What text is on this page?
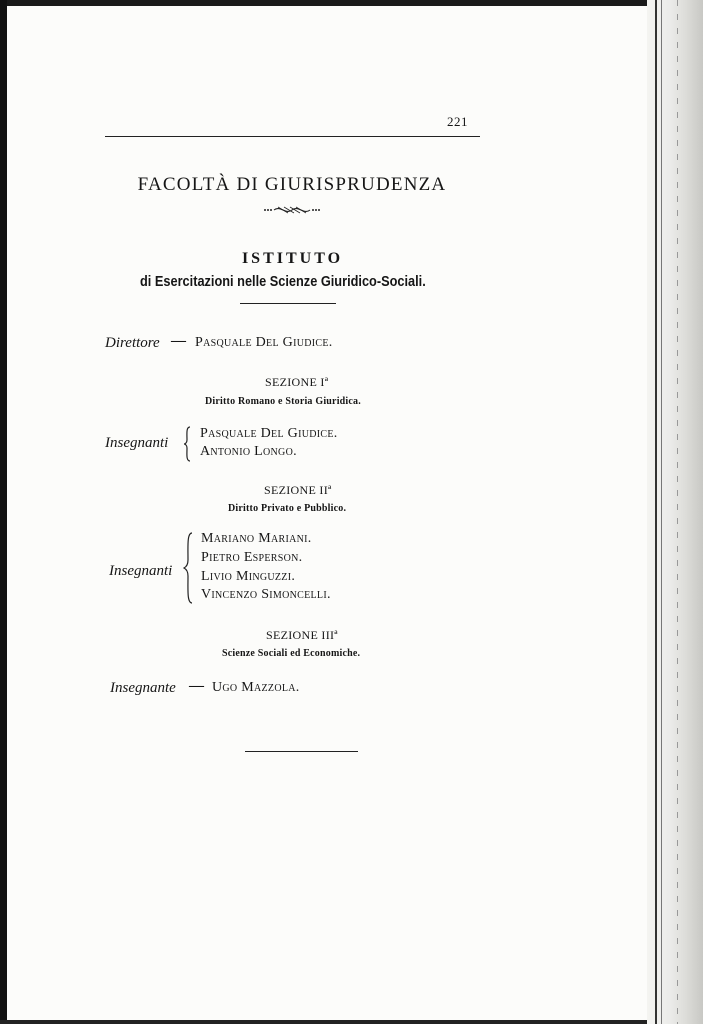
221
FACOLTÀ DI GIURISPRUDENZA
ISTITUTO
di Esercitazioni nelle Scienze Giuridico-Sociali.
Direttore — Pasquale Del Giudice.
SEZIONE Iª
Diritto Romano e Storia Giuridica.
Insegnanti
Pasquale Del Giudice.
Antonio Longo.
SEZIONE IIª
Diritto Privato e Pubblico.
Insegnanti
Mariano Mariani.
Pietro Esperson.
Livio Minguzzi.
Vincenzo Simoncelli.
SEZIONE IIIª
Scienze Sociali ed Economiche.
Insegnante — Ugo Mazzola.
